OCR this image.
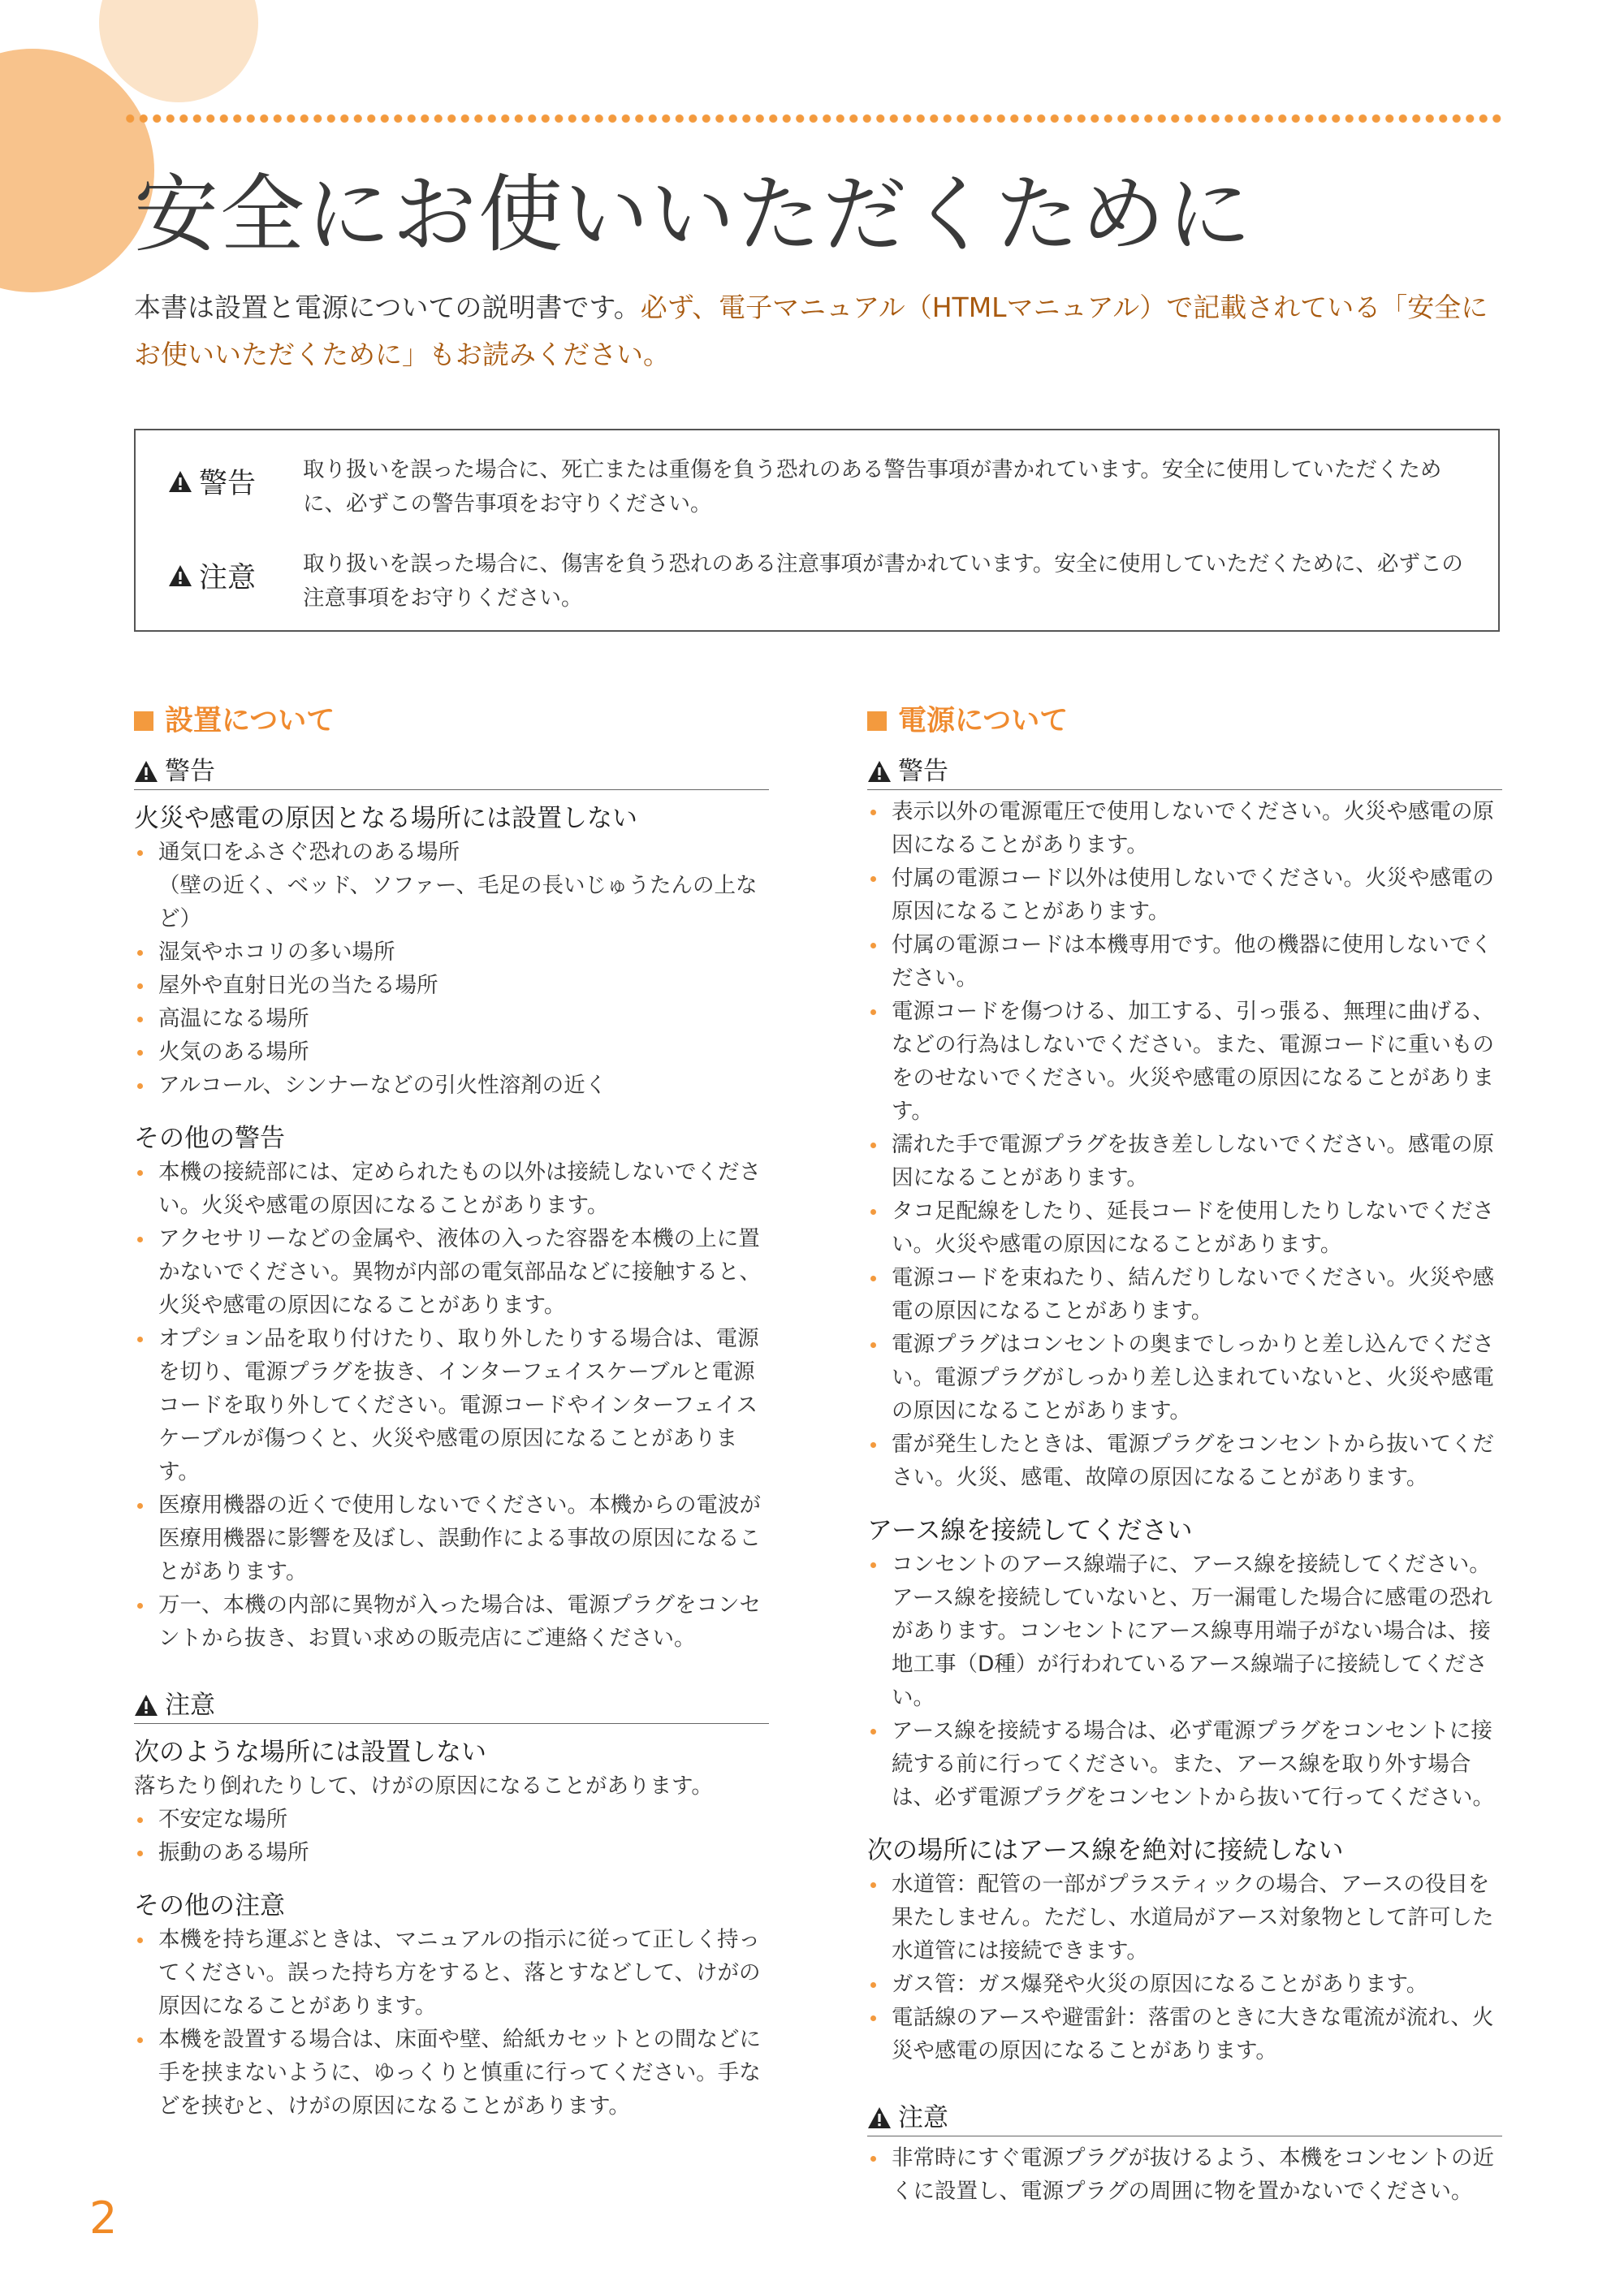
安全にお使いいただくために
本書は設置と電源についての説明書です。必ず、電子マニュアル（HTMLマニュアル）で記載されている「安全にお使いいただくために」もお読みください。
警告 取り扱いを誤った場合に、死亡または重傷を負う恐れのある警告事項が書かれています。安全に使用していただくために、必ずこの警告事項をお守りください。
注意 取り扱いを誤った場合に、傷害を負う恐れのある注意事項が書かれています。安全に使用していただくために、必ずこの注意事項をお守りください。
設置について
警告
火災や感電の原因となる場所には設置しない
通気口をふさぐ恐れのある場所
（壁の近く、ベッド、ソファー、毛足の長いじゅうたんの上など）
湿気やホコリの多い場所
屋外や直射日光の当たる場所
高温になる場所
火気のある場所
アルコール、シンナーなどの引火性溶剤の近く
その他の警告
本機の接続部には、定められたもの以外は接続しないでください。火災や感電の原因になることがあります。
アクセサリーなどの金属や、液体の入った容器を本機の上に置かないでください。異物が内部の電気部品などに接触すると、火災や感電の原因になることがあります。
オプション品を取り付けたり、取り外したりする場合は、電源を切り、電源プラグを抜き、インターフェイスケーブルと電源コードを取り外してください。電源コードやインターフェイスケーブルが傷つくと、火災や感電の原因になることがあります。
医療用機器の近くで使用しないでください。本機からの電波が医療用機器に影響を及ぼし、誤動作による事故の原因になることがあります。
万一、本機の内部に異物が入った場合は、電源プラグをコンセントから抜き、お買い求めの販売店にご連絡ください。
注意
次のような場所には設置しない
落ちたり倒れたりして、けがの原因になることがあります。
不安定な場所
振動のある場所
その他の注意
本機を持ち運ぶときは、マニュアルの指示に従って正しく持ってください。誤った持ち方をすると、落とすなどして、けがの原因になることがあります。
本機を設置する場合は、床面や壁、給紙カセットとの間などに手を挟まないように、ゆっくりと慎重に行ってください。手などを挟むと、けがの原因になることがあります。
電源について
警告
表示以外の電源電圧で使用しないでください。火災や感電の原因になることがあります。
付属の電源コード以外は使用しないでください。火災や感電の原因になることがあります。
付属の電源コードは本機専用です。他の機器に使用しないでください。
電源コードを傷つける、加工する、引っ張る、無理に曲げる、などの行為はしないでください。また、電源コードに重いものをのせないでください。火災や感電の原因になることがあります。
濡れた手で電源プラグを抜き差ししないでください。感電の原因になることがあります。
タコ足配線をしたり、延長コードを使用したりしないでください。火災や感電の原因になることがあります。
電源コードを束ねたり、結んだりしないでください。火災や感電の原因になることがあります。
電源プラグはコンセントの奥までしっかりと差し込んでください。電源プラグがしっかり差し込まれていないと、火災や感電の原因になることがあります。
雷が発生したときは、電源プラグをコンセントから抜いてください。火災、感電、故障の原因になることがあります。
アース線を接続してください
コンセントのアース線端子に、アース線を接続してください。アース線を接続していないと、万一漏電した場合に感電の恐れがあります。コンセントにアース線専用端子がない場合は、接地工事（D種）が行われているアース線端子に接続してください。
アース線を接続する場合は、必ず電源プラグをコンセントに接続する前に行ってください。また、アース線を取り外す場合は、必ず電源プラグをコンセントから抜いて行ってください。
次の場所にはアース線を絶対に接続しない
水道管：配管の一部がプラスティックの場合、アースの役目を果たしません。ただし、水道局がアース対象物として許可した水道管には接続できます。
ガス管：ガス爆発や火災の原因になることがあります。
電話線のアースや避雷針：落雷のときに大きな電流が流れ、火災や感電の原因になることがあります。
注意
非常時にすぐ電源プラグが抜けるよう、本機をコンセントの近くに設置し、電源プラグの周囲に物を置かないでください。
2
